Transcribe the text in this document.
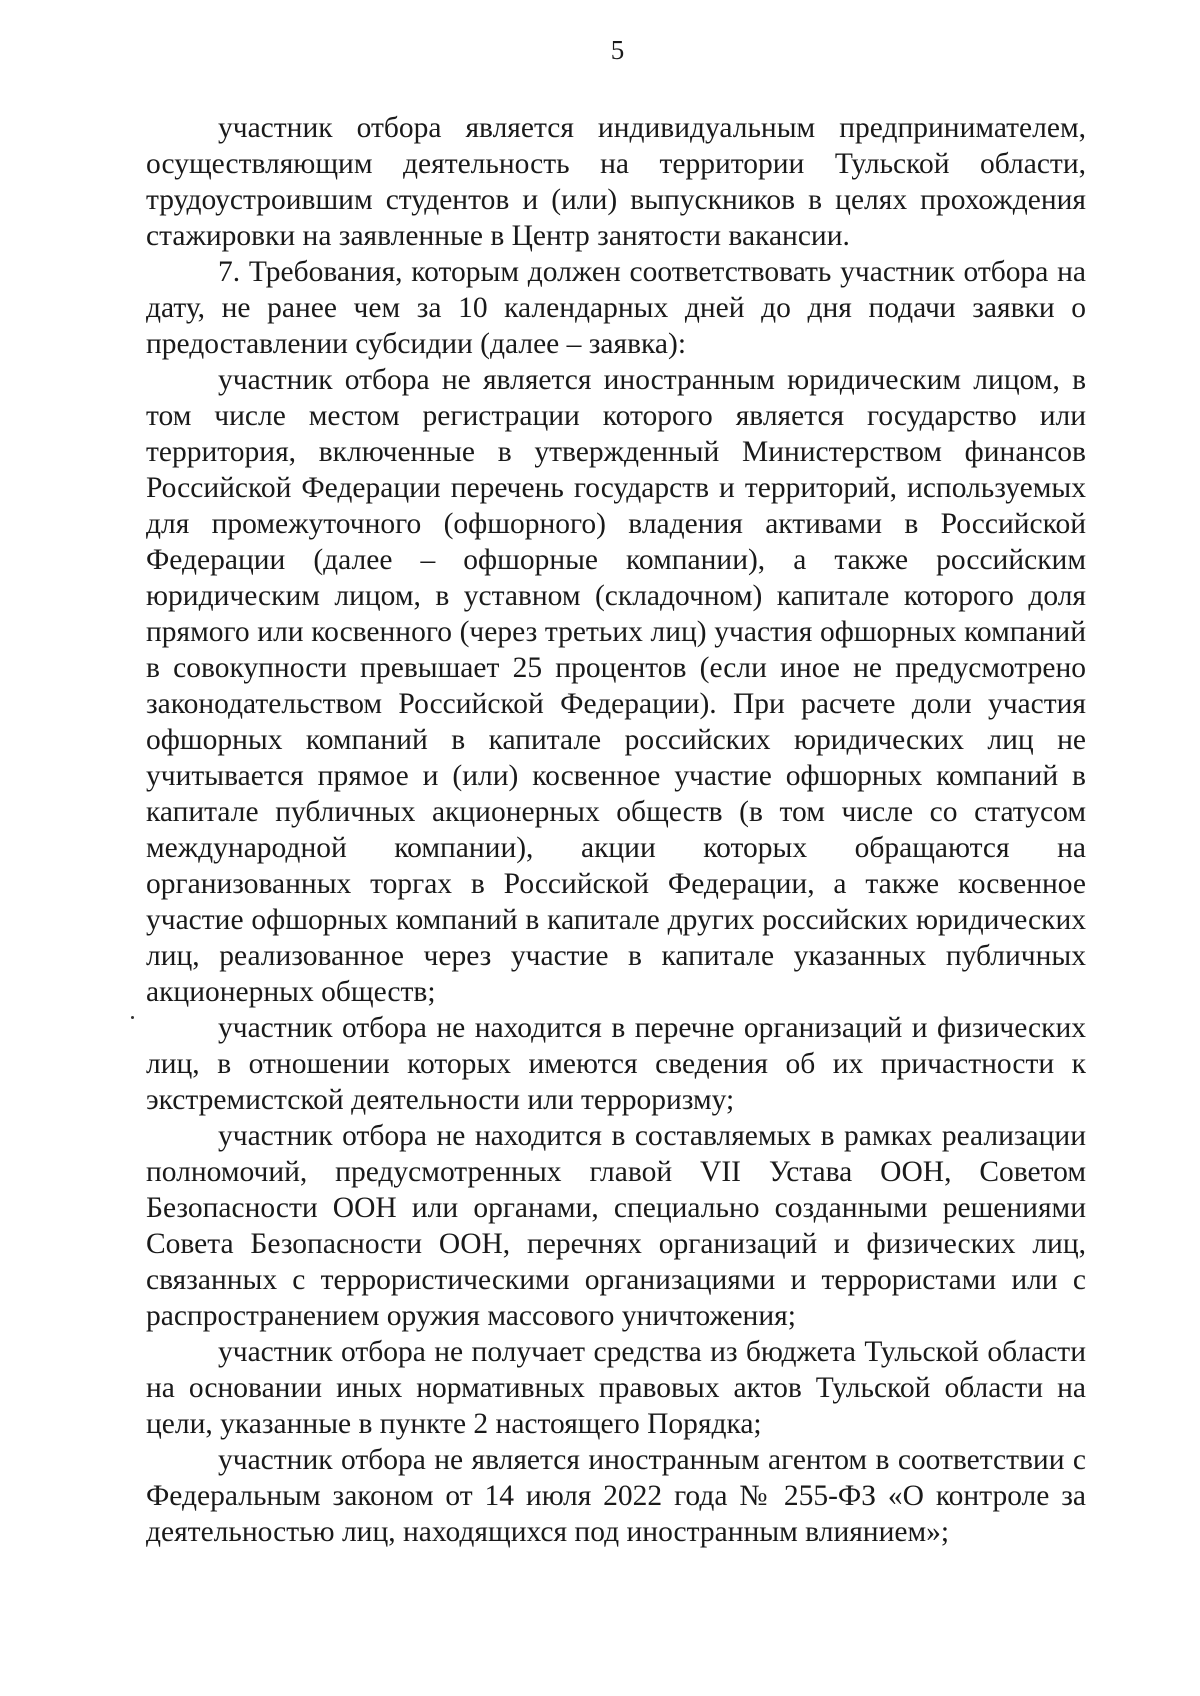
5

участник отбора является индивидуальным предпринимателем, осуществляющим деятельность на территории Тульской области, трудоустроившим студентов и (или) выпускников в целях прохождения стажировки на заявленные в Центр занятости вакансии.

7. Требования, которым должен соответствовать участник отбора на дату, не ранее чем за 10 календарных дней до дня подачи заявки о предоставлении субсидии (далее – заявка):

участник отбора не является иностранным юридическим лицом, в том числе местом регистрации которого является государство или территория, включенные в утвержденный Министерством финансов Российской Федерации перечень государств и территорий, используемых для промежуточного (офшорного) владения активами в Российской Федерации (далее – офшорные компании), а также российским юридическим лицом, в уставном (складочном) капитале которого доля прямого или косвенного (через третьих лиц) участия офшорных компаний в совокупности превышает 25 процентов (если иное не предусмотрено законодательством Российской Федерации). При расчете доли участия офшорных компаний в капитале российских юридических лиц не учитывается прямое и (или) косвенное участие офшорных компаний в капитале публичных акционерных обществ (в том числе со статусом международной компании), акции которых обращаются на организованных торгах в Российской Федерации, а также косвенное участие офшорных компаний в капитале других российских юридических лиц, реализованное через участие в капитале указанных публичных акционерных обществ;

участник отбора не находится в перечне организаций и физических лиц, в отношении которых имеются сведения об их причастности к экстремистской деятельности или терроризму;

участник отбора не находится в составляемых в рамках реализации полномочий, предусмотренных главой VII Устава ООН, Советом Безопасности ООН или органами, специально созданными решениями Совета Безопасности ООН, перечнях организаций и физических лиц, связанных с террористическими организациями и террористами или с распространением оружия массового уничтожения;

участник отбора не получает средства из бюджета Тульской области на основании иных нормативных правовых актов Тульской области на цели, указанные в пункте 2 настоящего Порядка;

участник отбора не является иностранным агентом в соответствии с Федеральным законом от 14 июля 2022 года № 255-ФЗ «О контроле за деятельностью лиц, находящихся под иностранным влиянием»;
